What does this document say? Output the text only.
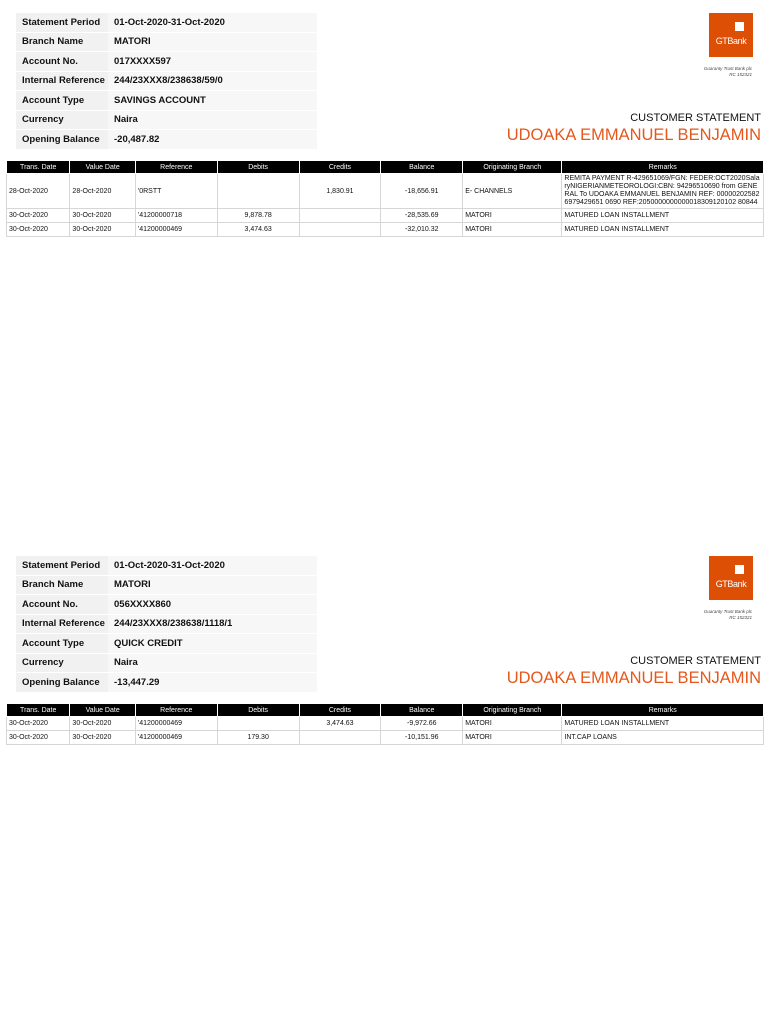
Statement Period	01-Oct-2020-31-Oct-2020
Branch Name	MATORI
Account No.	017XXXX597
Internal Reference	244/23XXX8/238638/59/0
Account Type	SAVINGS ACCOUNT
Currency	Naira
Opening Balance	-20,487.82
GTBank
Guaranty Trust Bank plc
RC 152321
CUSTOMER STATEMENT
UDOAKA EMMANUEL BENJAMIN
Trans. Date	Value Date	Reference	Debits	Credits	Balance	Originating Branch	Remarks
28-Oct-2020	28-Oct-2020	'0RSTT		1,830.91	-18,656.91	E- CHANNELS	REMITA PAYMENT R-429651069/FGN: FEDER:OCT2020SalaryNIGERIANMETEOROLOGI:CBN: 94296510690 from GENERAL To UDOAKA EMMANUEL BENJAMIN REF: 000002025826979429651 0690 REF:2050000000000018309120102 80844
30-Oct-2020	30-Oct-2020	'41200000718	9,878.78		-28,535.69	MATORI	MATURED LOAN INSTALLMENT
30-Oct-2020	30-Oct-2020	'41200000469	3,474.63		-32,010.32	MATORI	MATURED LOAN INSTALLMENT
Statement Period	01-Oct-2020-31-Oct-2020
Branch Name	MATORI
Account No.	056XXXX860
Internal Reference	244/23XXX8/238638/1118/1
Account Type	QUICK CREDIT
Currency	Naira
Opening Balance	-13,447.29
GTBank
Guaranty Trust Bank plc
RC 152321
CUSTOMER STATEMENT
UDOAKA EMMANUEL BENJAMIN
Trans. Date	Value Date	Reference	Debits	Credits	Balance	Originating Branch	Remarks
30-Oct-2020	30-Oct-2020	'41200000469		3,474.63	-9,972.66	MATORI	MATURED LOAN INSTALLMENT
30-Oct-2020	30-Oct-2020	'41200000469	179.30		-10,151.96	MATORI	INT.CAP LOANS
